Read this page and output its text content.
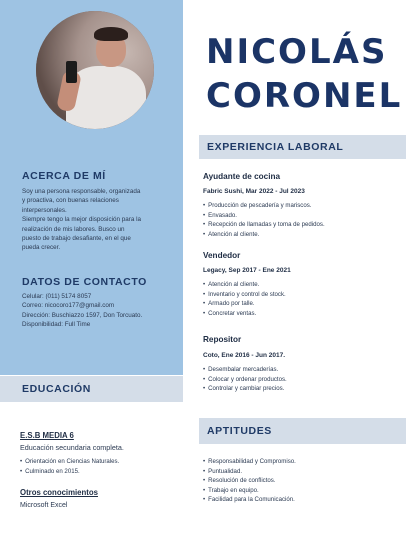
NICOLÁS
CORONEL
ACERCA DE MÍ
Soy una persona responsable, organizada
y proactiva, con buenas relaciones
interpersonales.
Siempre tengo la mejor disposición para la
realización de mis labores. Busco un
puesto de trabajo desafiante, en el que
pueda crecer.
DATOS DE CONTACTO
Celular: (011) 5174 8057
Correo: nicocoro177@gmail.com
Dirección: Buschiazzo 1597, Don Torcuato.
Disponibilidad: Full Time
EXPERIENCIA LABORAL
Ayudante de cocina
Fabric Sushi, Mar 2022 - Jul 2023
• Producción de pescadería y mariscos.
• Envasado.
• Recepción de llamadas y toma de pedidos.
• Atención al cliente.
Vendedor
Legacy, Sep 2017 - Ene 2021
• Atención al cliente.
• Inventario y control de stock.
• Armado por talle.
• Concretar ventas.
Repositor
Coto, Ene 2016 - Jun 2017.
• Desembalar mercaderías.
• Colocar y ordenar productos.
• Controlar y cambiar precios.
EDUCACIÓN
E.S.B MEDIA 6
Educación secundaria completa.
• Orientación en Ciencias Naturales.
• Culminado en 2015.
Otros conocimientos
Microsoft Excel
APTITUDES
• Responsabilidad y Compromiso.
• Puntualidad.
• Resolución de conflictos.
• Trabajo en equipo.
• Facilidad para la Comunicación.
